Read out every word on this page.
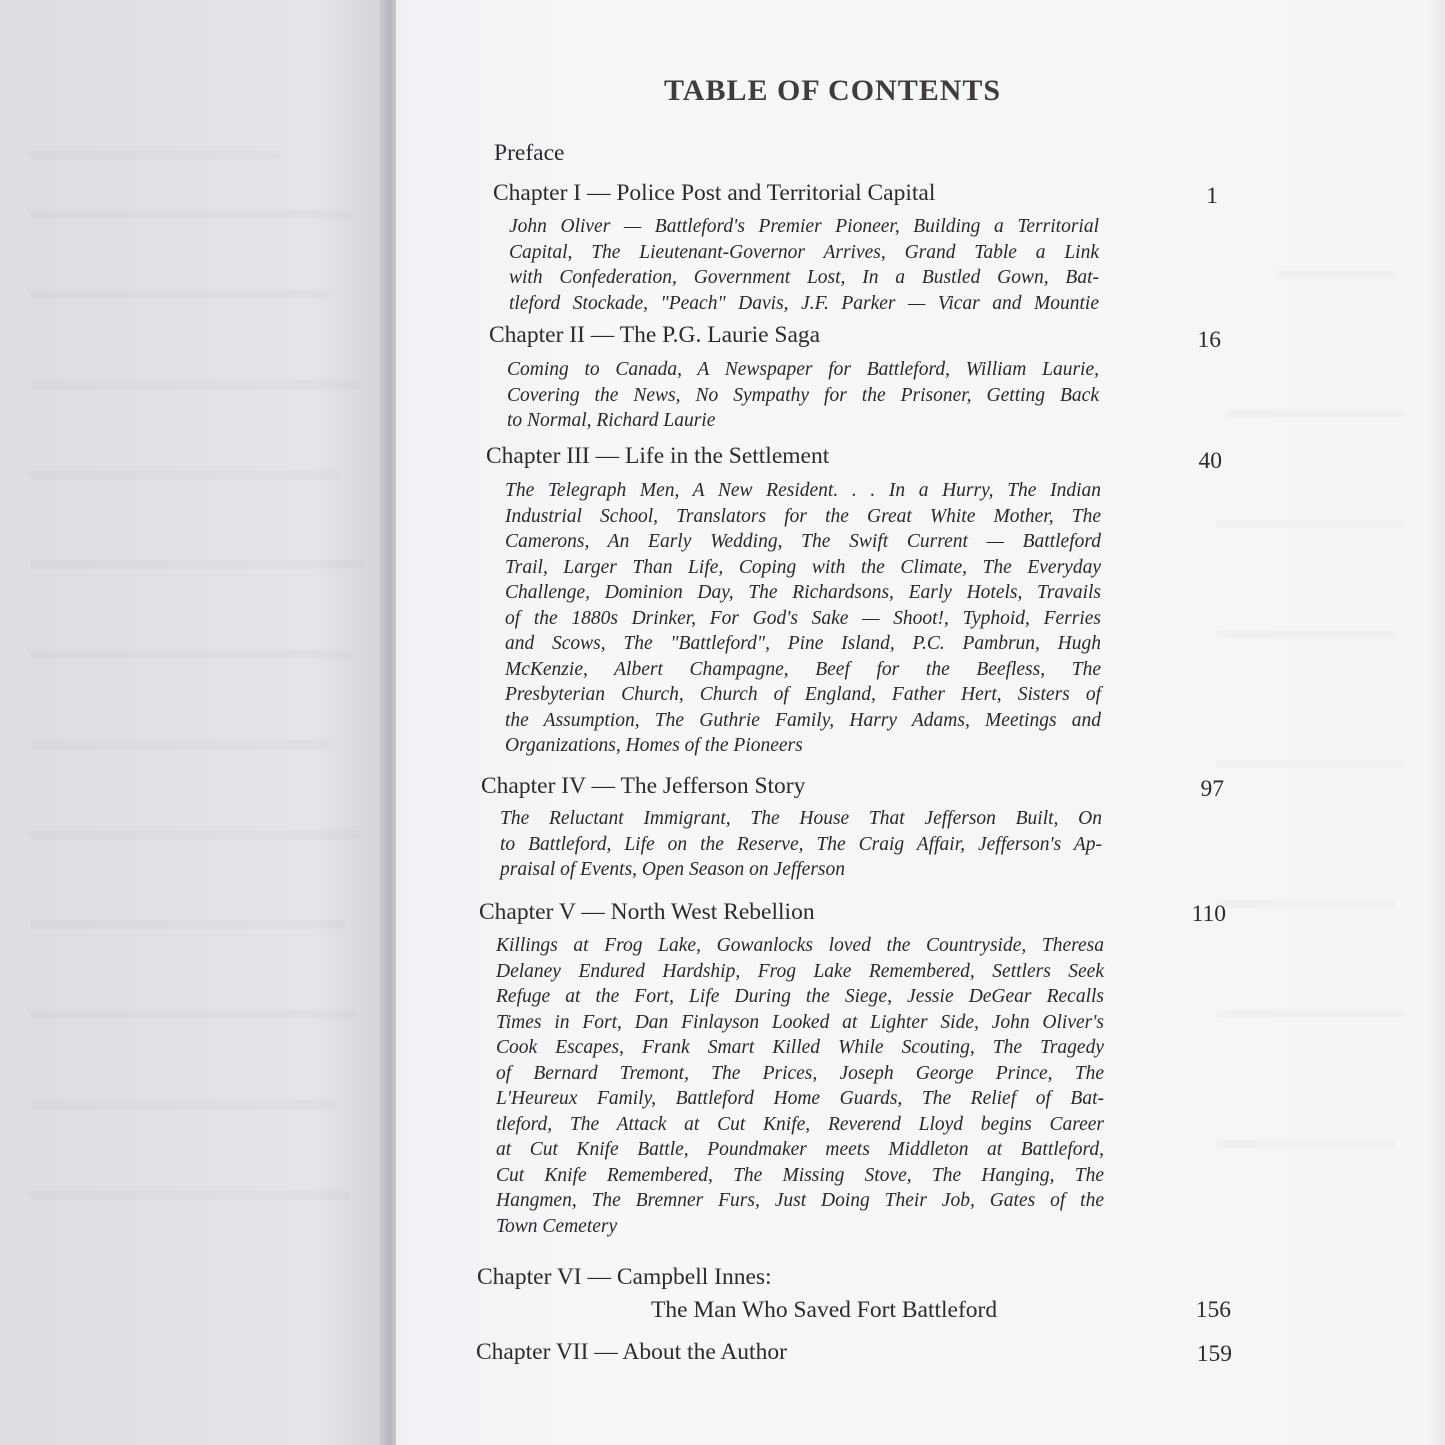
TABLE OF CONTENTS
Preface
Chapter I — Police Post and Territorial Capital	1
John Oliver — Battleford's Premier Pioneer, Building a Territorial
Capital, The Lieutenant-Governor Arrives, Grand Table a Link
with Confederation, Government Lost, In a Bustled Gown, Bat-
tleford Stockade, "Peach" Davis, J.F. Parker — Vicar and Mountie
Chapter II — The P.G. Laurie Saga	16
Coming to Canada, A Newspaper for Battleford, William Laurie,
Covering the News, No Sympathy for the Prisoner, Getting Back
to Normal, Richard Laurie
Chapter III — Life in the Settlement	40
The Telegraph Men, A New Resident. . . In a Hurry, The Indian
Industrial School, Translators for the Great White Mother, The
Camerons, An Early Wedding, The Swift Current — Battleford
Trail, Larger Than Life, Coping with the Climate, The Everyday
Challenge, Dominion Day, The Richardsons, Early Hotels, Travails
of the 1880s Drinker, For God's Sake — Shoot!, Typhoid, Ferries
and Scows, The "Battleford", Pine Island, P.C. Pambrun, Hugh
McKenzie, Albert Champagne, Beef for the Beefless, The
Presbyterian Church, Church of England, Father Hert, Sisters of
the Assumption, The Guthrie Family, Harry Adams, Meetings and
Organizations, Homes of the Pioneers
Chapter IV — The Jefferson Story	97
The Reluctant Immigrant, The House That Jefferson Built, On
to Battleford, Life on the Reserve, The Craig Affair, Jefferson's Ap-
praisal of Events, Open Season on Jefferson
Chapter V — North West Rebellion	110
Killings at Frog Lake, Gowanlocks loved the Countryside, Theresa
Delaney Endured Hardship, Frog Lake Remembered, Settlers Seek
Refuge at the Fort, Life During the Siege, Jessie DeGear Recalls
Times in Fort, Dan Finlayson Looked at Lighter Side, John Oliver's
Cook Escapes, Frank Smart Killed While Scouting, The Tragedy
of Bernard Tremont, The Prices, Joseph George Prince, The
L'Heureux Family, Battleford Home Guards, The Relief of Bat-
tleford, The Attack at Cut Knife, Reverend Lloyd begins Career
at Cut Knife Battle, Poundmaker meets Middleton at Battleford,
Cut Knife Remembered, The Missing Stove, The Hanging, The
Hangmen, The Bremner Furs, Just Doing Their Job, Gates of the
Town Cemetery
Chapter VI — Campbell Innes:
The Man Who Saved Fort Battleford	156
Chapter VII — About the Author	159
